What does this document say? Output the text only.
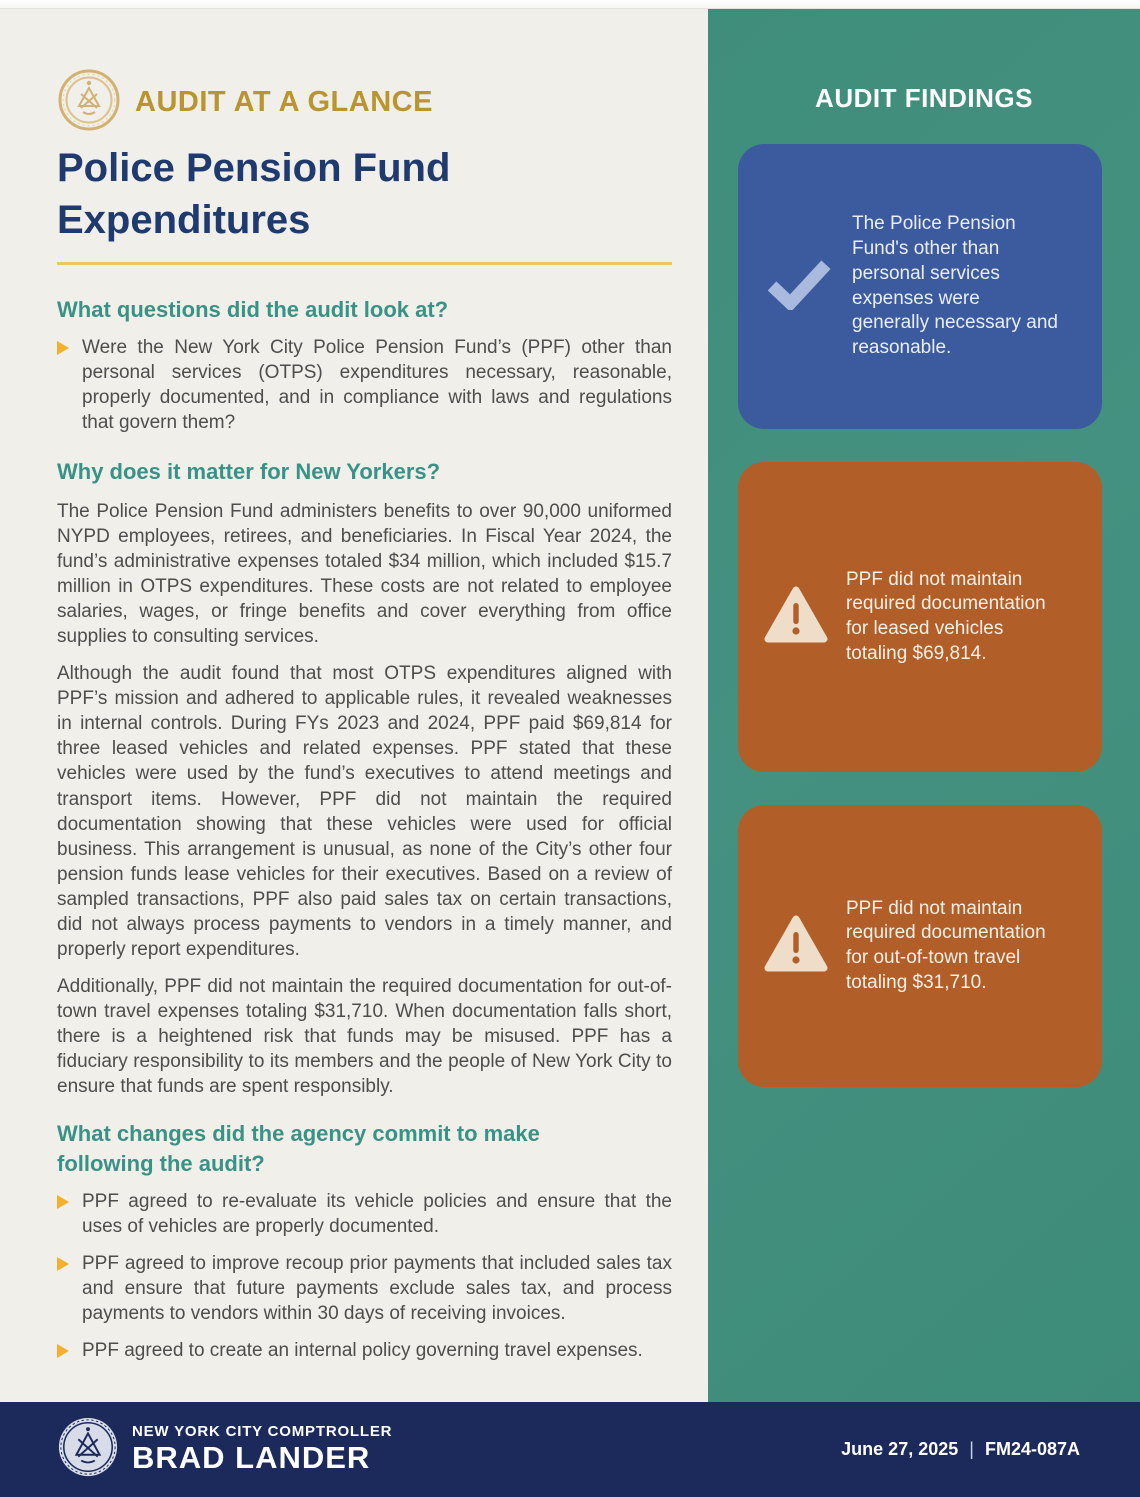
AUDIT AT A GLANCE
Police Pension Fund Expenditures
What questions did the audit look at?
Were the New York City Police Pension Fund’s (PPF) other than personal services (OTPS) expenditures necessary, reasonable, properly documented, and in compliance with laws and regulations that govern them?
Why does it matter for New Yorkers?

The Police Pension Fund administers benefits to over 90,000 uniformed NYPD employees, retirees, and beneficiaries. In Fiscal Year 2024, the fund’s administrative expenses totaled $34 million, which included $15.7 million in OTPS expenditures. These costs are not related to employee salaries, wages, or fringe benefits and cover everything from office supplies to consulting services.

Although the audit found that most OTPS expenditures aligned with PPF’s mission and adhered to applicable rules, it revealed weaknesses in internal controls. During FYs 2023 and 2024, PPF paid $69,814 for three leased vehicles and related expenses. PPF stated that these vehicles were used by the fund’s executives to attend meetings and transport items. However, PPF did not maintain the required documentation showing that these vehicles were used for official business. This arrangement is unusual, as none of the City’s other four pension funds lease vehicles for their executives. Based on a review of sampled transactions, PPF also paid sales tax on certain transactions, did not always process payments to vendors in a timely manner, and properly report expenditures.

Additionally, PPF did not maintain the required documentation for out-of-town travel expenses totaling $31,710. When documentation falls short, there is a heightened risk that funds may be misused. PPF has a fiduciary responsibility to its members and the people of New York City to ensure that funds are spent responsibly.

What changes did the agency commit to make following the audit?
PPF agreed to re-evaluate its vehicle policies and ensure that the uses of vehicles are properly documented.
PPF agreed to improve recoup prior payments that included sales tax and ensure that future payments exclude sales tax, and process payments to vendors within 30 days of receiving invoices.
PPF agreed to create an internal policy governing travel expenses.
AUDIT FINDINGS
The Police Pension Fund's other than personal services expenses were generally necessary and reasonable.
PPF did not maintain required documentation for leased vehicles totaling $69,814.
PPF did not maintain required documentation for out-of-town travel totaling $31,710.
NEW YORK CITY COMPTROLLER
BRAD LANDER	June 27, 2025 | FM24-087A
